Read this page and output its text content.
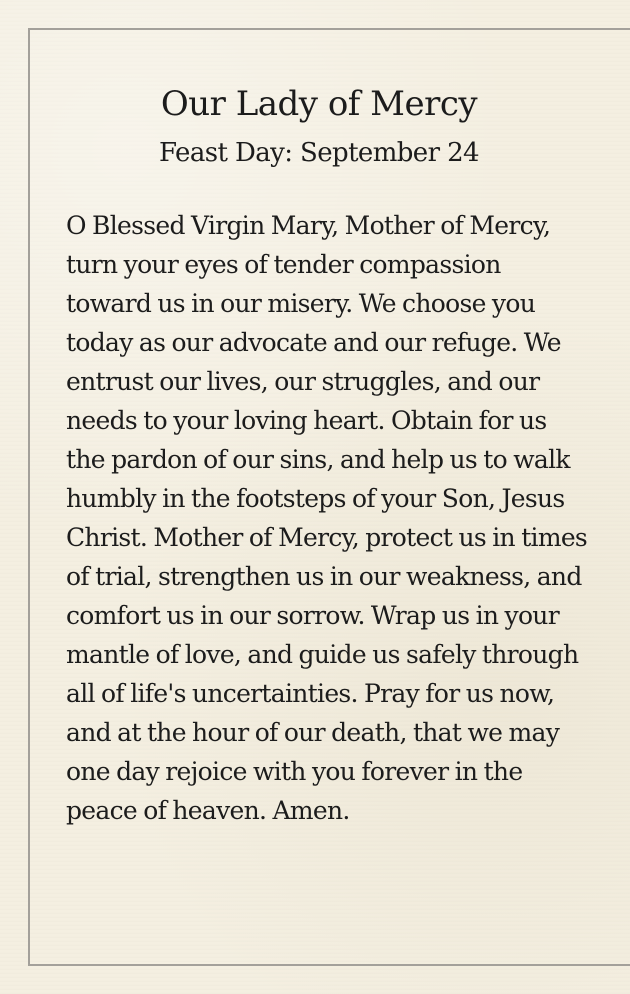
Our Lady of Mercy
Feast Day: September 24

O Blessed Virgin Mary, Mother of Mercy, turn your eyes of tender compassion toward us in our misery. We choose you today as our advocate and our refuge. We entrust our lives, our struggles, and our needs to your loving heart. Obtain for us the pardon of our sins, and help us to walk humbly in the footsteps of your Son, Jesus Christ. Mother of Mercy, protect us in times of trial, strengthen us in our weakness, and comfort us in our sorrow. Wrap us in your mantle of love, and guide us safely through all of life's uncertainties. Pray for us now, and at the hour of our death, that we may one day rejoice with you forever in the peace of heaven. Amen.
